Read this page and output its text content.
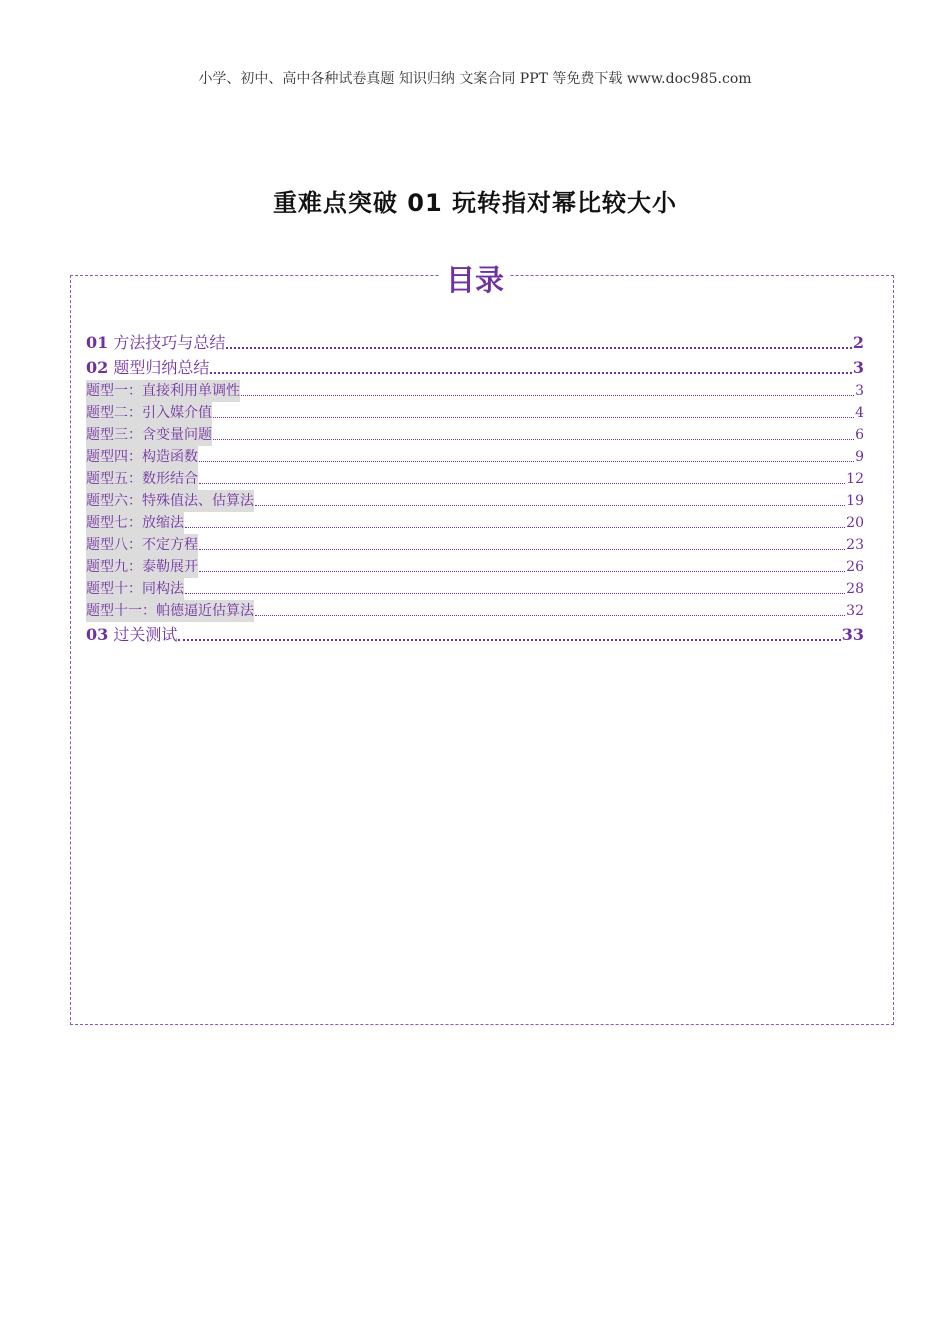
小学、初中、高中各种试卷真题 知识归纳 文案合同 PPT 等免费下载 www.doc985.com
重难点突破 01 玩转指对幂比较大小
目录
01 方法技巧与总结	2
02 题型归纳总结	3
题型一：直接利用单调性	3
题型二：引入媒介值	4
题型三：含变量问题	6
题型四：构造函数	9
题型五：数形结合	12
题型六：特殊值法、估算法	19
题型七：放缩法	20
题型八：不定方程	23
题型九：泰勒展开	26
题型十：同构法	28
题型十一：帕德逼近估算法	32
03 过关测试	33
